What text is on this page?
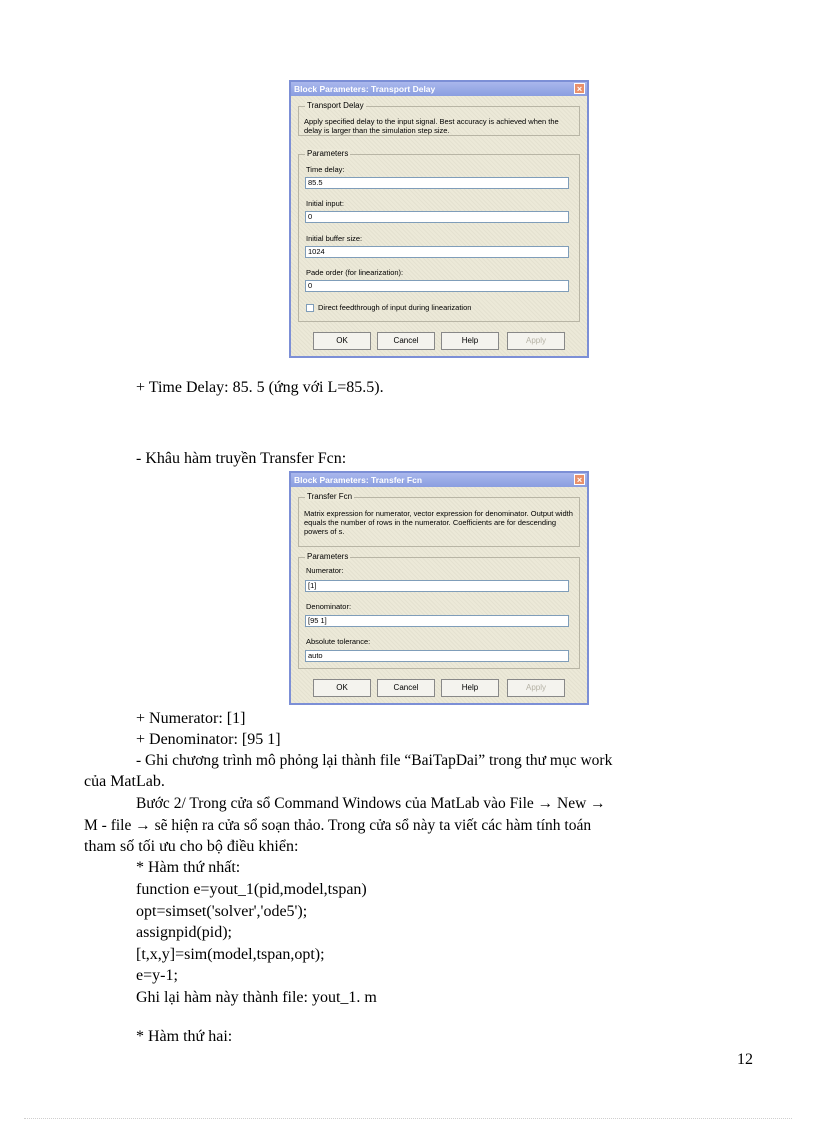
Block Parameters: Transport Delay	×
Transport Delay
Apply specified delay to the input signal. Best accuracy is achieved when the delay is larger than the simulation step size.
Parameters
Time delay:
85.5
Initial input:
0
Initial buffer size:
1024
Pade order (for linearization):
0
Direct feedthrough of input during linearization
OK	Cancel	Help	Apply
+ Time Delay: 85. 5 (ứng với L=85.5).
- Khâu hàm truyền Transfer Fcn:
Block Parameters: Transfer Fcn	×
Transfer Fcn
Matrix expression for numerator, vector expression for denominator. Output width equals the number of rows in the numerator. Coefficients are for descending powers of s.
Parameters
Numerator:
[1]
Denominator:
[95 1]
Absolute tolerance:
auto
OK	Cancel	Help	Apply
+ Numerator: [1]
+ Denominator: [95 1]
- Ghi chương trình mô phỏng lại thành file “BaiTapDai” trong thư mục work
của MatLab.
Bước 2/ Trong cửa sổ Command Windows của MatLab vào File → New →
M - file → sẽ hiện ra cửa sổ soạn thảo. Trong cửa sổ này ta viết các hàm tính toán
tham số tối ưu cho bộ điều khiển:
* Hàm thứ nhất:
function e=yout_1(pid,model,tspan)
opt=simset('solver','ode5');
assignpid(pid);
[t,x,y]=sim(model,tspan,opt);
e=y-1;
Ghi lại hàm này thành file: yout_1. m
* Hàm thứ hai:
12
